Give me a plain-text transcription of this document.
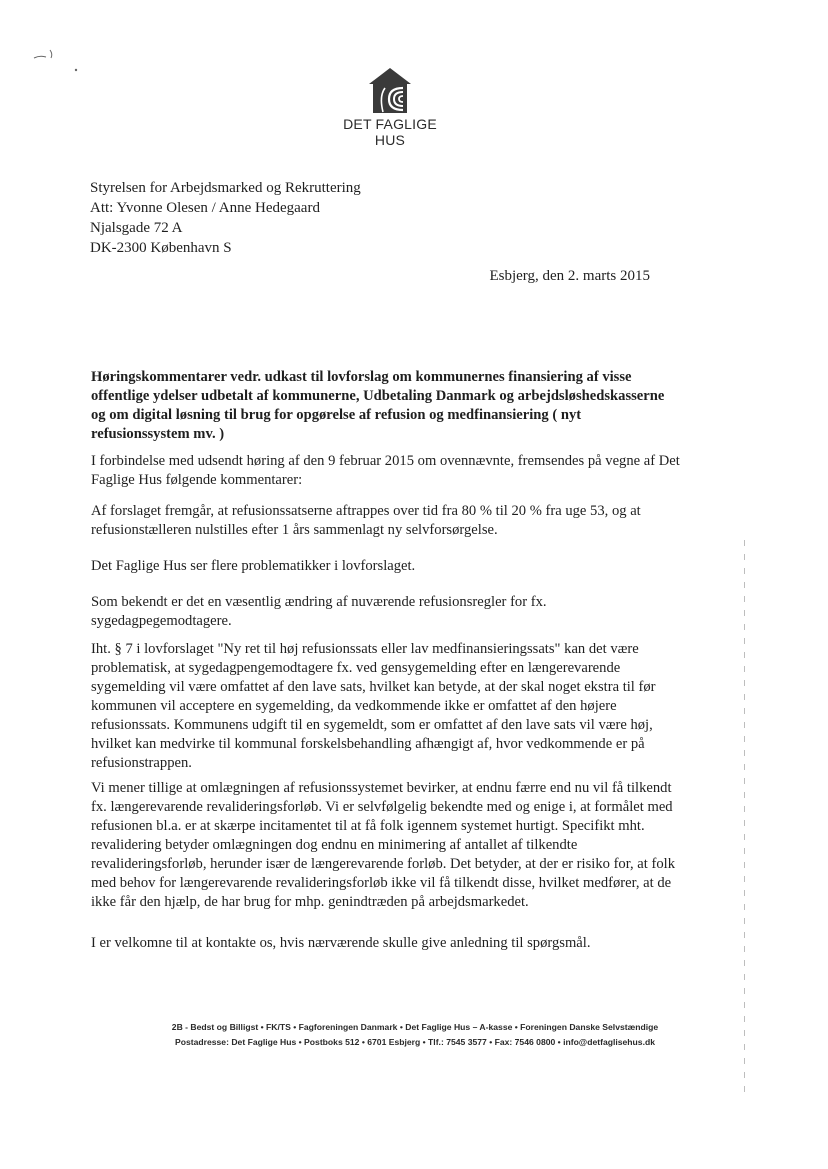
DET FAGLIGE HUS
Styrelsen for Arbejdsmarked og Rekruttering
Att: Yvonne Olesen / Anne Hedegaard
Njalsgade 72 A
DK-2300 København S
Esbjerg, den 2. marts 2015
Høringskommentarer vedr. udkast til lovforslag om kommunernes finansiering af visse offentlige ydelser udbetalt af kommunerne, Udbetaling Danmark og arbejdsløshedskasserne og om digital løsning til brug for opgørelse af refusion og medfinansiering ( nyt refusionssystem mv. )
I forbindelse med udsendt høring af den 9 februar 2015 om ovennævnte, fremsendes på vegne af Det Faglige Hus følgende kommentarer:
Af forslaget fremgår, at refusionssatserne aftrappes over tid fra 80 % til 20 % fra uge 53, og at refusionstælleren nulstilles efter 1 års sammenlagt ny selvforsørgelse.
Det Faglige Hus ser flere problematikker i lovforslaget.
Som bekendt er det en væsentlig ændring af nuværende refusionsregler for fx. sygedagpegemodtagere.
Iht. § 7 i lovforslaget "Ny ret til høj refusionssats eller lav medfinansieringssats" kan det være problematisk, at sygedagpengemodtagere fx. ved gensygemelding efter en længerevarende sygemelding vil være omfattet af den lave sats, hvilket kan betyde, at der skal noget ekstra til før kommunen vil acceptere en sygemelding, da vedkommende ikke er omfattet af den højere refusionssats. Kommunens udgift til en sygemeldt, som er omfattet af den lave sats vil være høj, hvilket kan medvirke til kommunal forskelsbehandling afhængigt af, hvor vedkommende er på refusionstrappen.
Vi mener tillige at omlægningen af refusionssystemet bevirker, at endnu færre end nu vil få tilkendt fx. længerevarende revalideringsforløb. Vi er selvfølgelig bekendte med og enige i, at formålet med refusionen bl.a. er at skærpe incitamentet til at få folk igennem systemet hurtigt. Specifikt mht. revalidering betyder omlægningen dog endnu en minimering af antallet af tilkendte revalideringsforløb, herunder især de længerevarende forløb. Det betyder, at der er risiko for, at folk med behov for længerevarende revalideringsforløb ikke vil få tilkendt disse, hvilket medfører, at de ikke får den hjælp, de har brug for mhp. genindtræden på arbejdsmarkedet.
I er velkomne til at kontakte os, hvis nærværende skulle give anledning til spørgsmål.
2B - Bedst og Billigst • FK/TS • Fagforeningen Danmark • Det Faglige Hus – A-kasse • Foreningen Danske Selvstændige
Postadresse: Det Faglige Hus • Postboks 512 • 6701 Esbjerg • Tlf.: 7545 3577 • Fax: 7546 0800 • info@detfaglisehus.dk
